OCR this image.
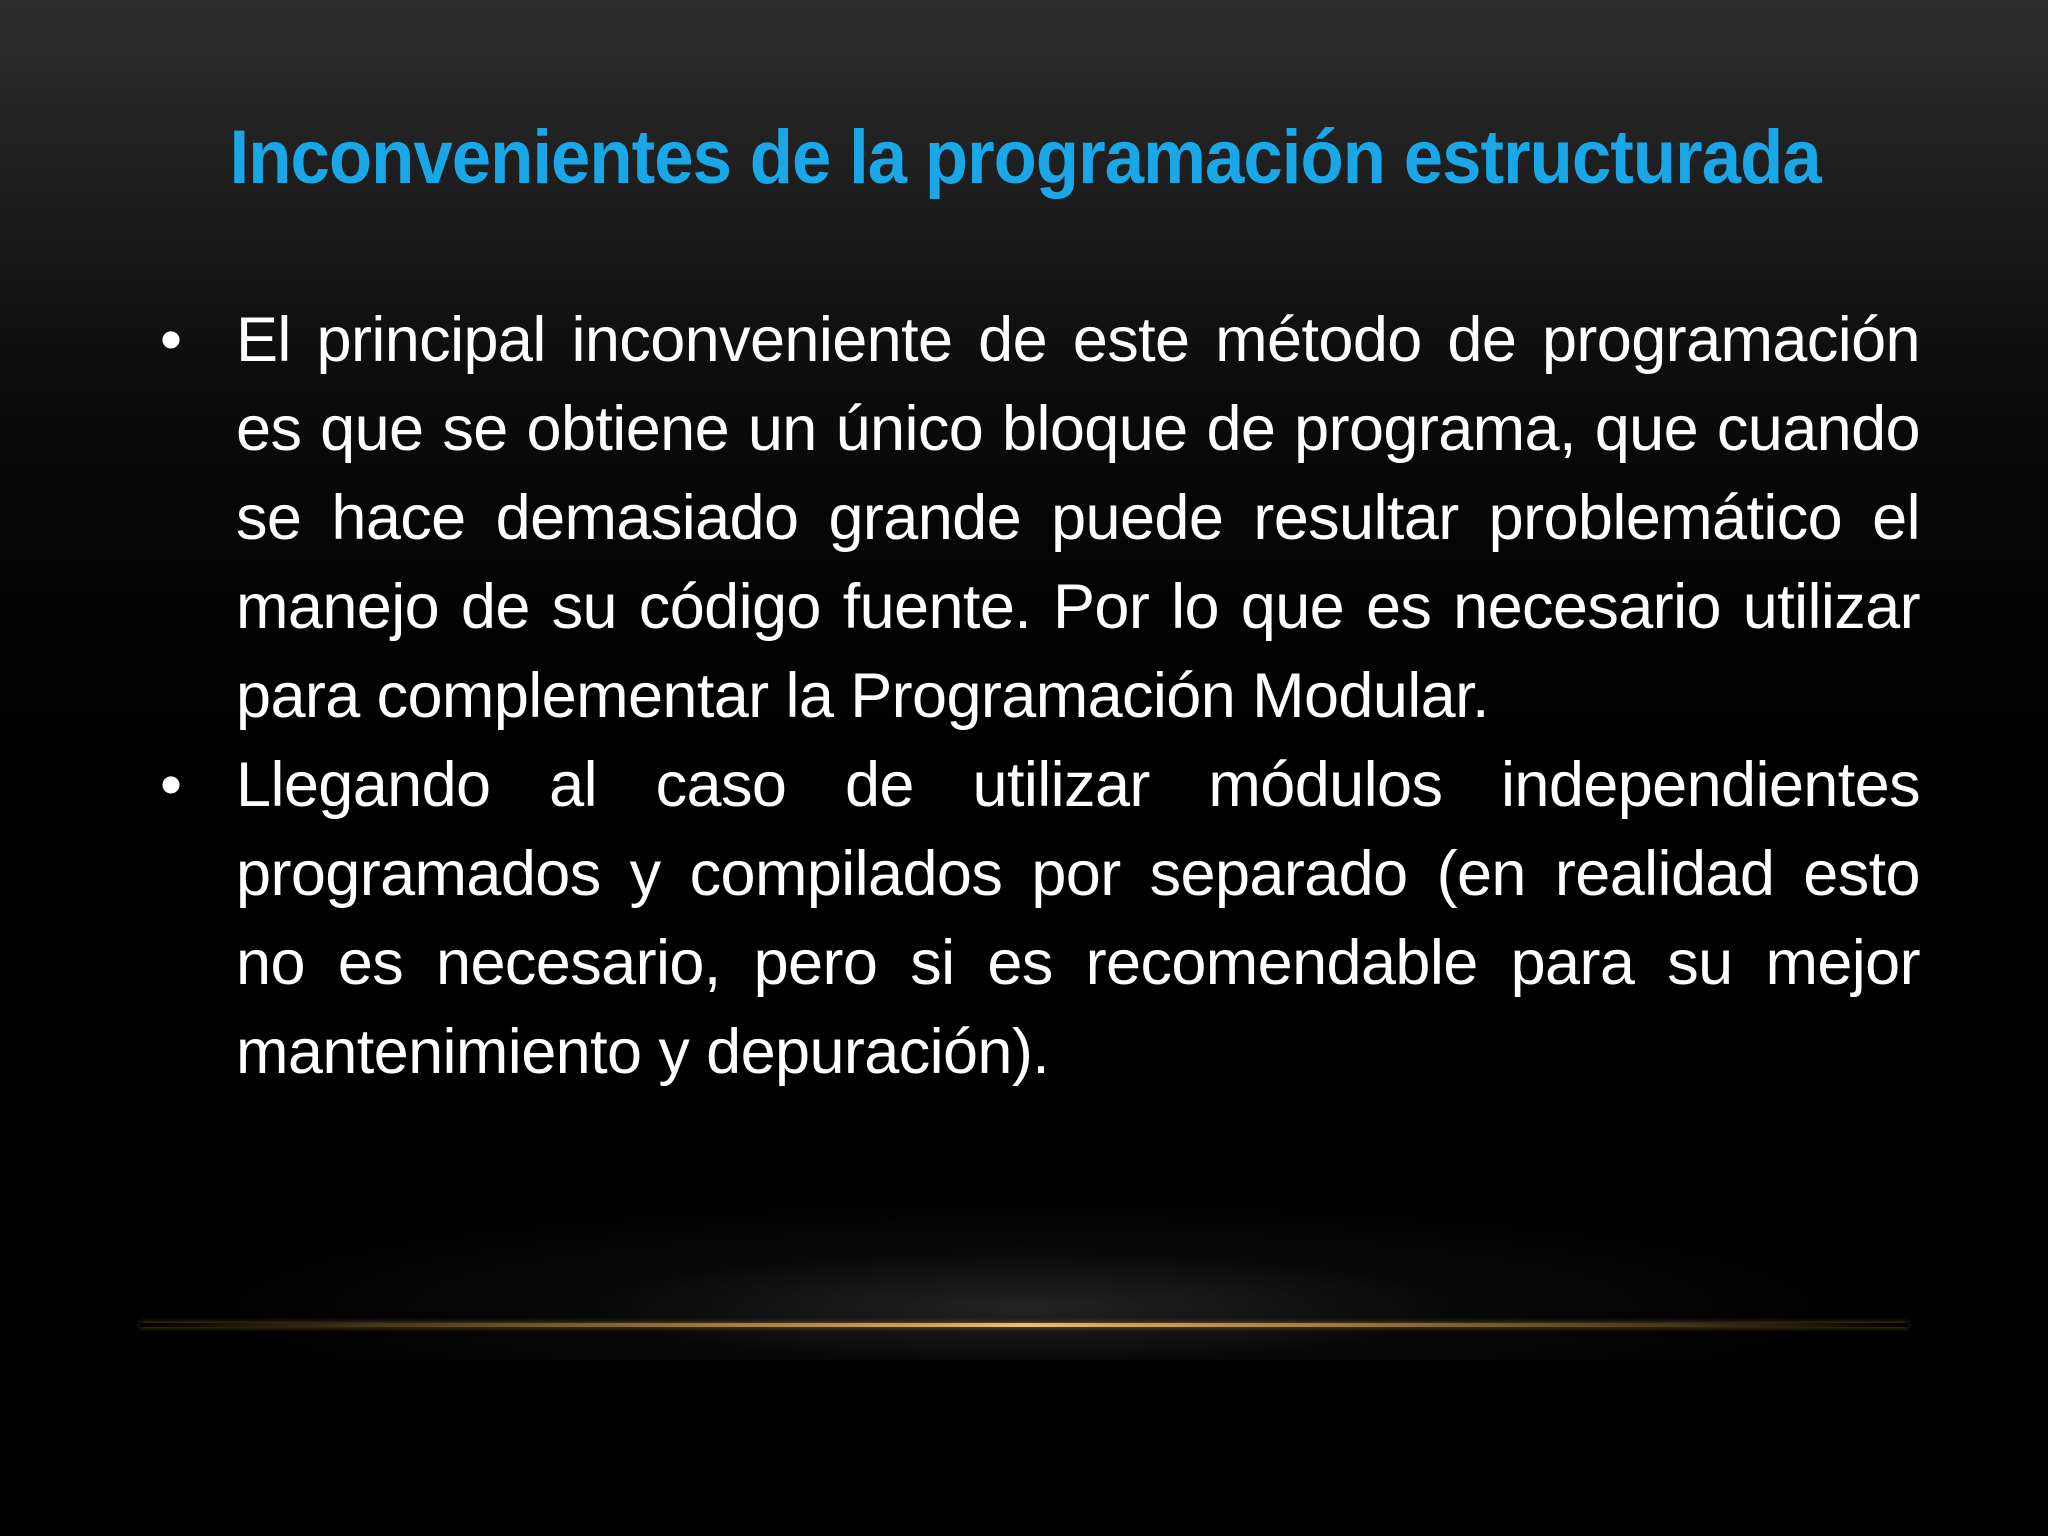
Inconvenientes de la programación estructurada
• El principal inconveniente de este método de programación es que se obtiene un único bloque de programa, que cuando se hace demasiado grande puede resultar problemático el manejo de su código fuente. Por lo que es necesario utilizar para complementar la Programación Modular.
• Llegando al caso de utilizar módulos independientes programados y compilados por separado (en realidad esto no es necesario, pero si es recomendable para su mejor mantenimiento y depuración).
